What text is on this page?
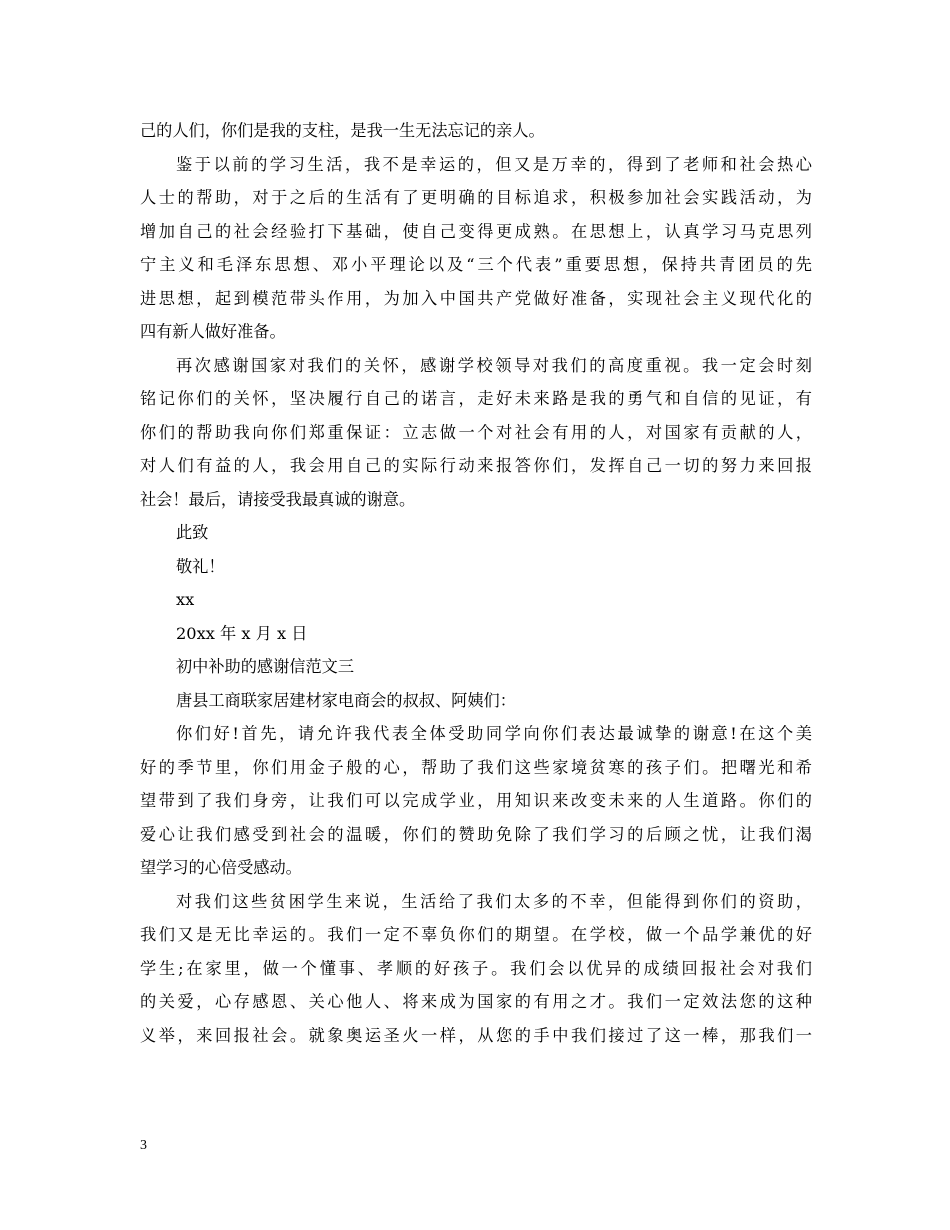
己的人们，你们是我的支柱，是我一生无法忘记的亲人。
鉴于以前的学习生活，我不是幸运的，但又是万幸的，得到了老师和社会热心
人士的帮助，对于之后的生活有了更明确的目标追求，积极参加社会实践活动，为
增加自己的社会经验打下基础，使自己变得更成熟。在思想上，认真学习马克思列
宁主义和毛泽东思想、邓小平理论以及“三个代表”重要思想，保持共青团员的先
进思想，起到模范带头作用，为加入中国共产党做好准备，实现社会主义现代化的
四有新人做好准备。
再次感谢国家对我们的关怀，感谢学校领导对我们的高度重视。我一定会时刻
铭记你们的关怀，坚决履行自己的诺言，走好未来路是我的勇气和自信的见证，有
你们的帮助我向你们郑重保证：立志做一个对社会有用的人，对国家有贡献的人，
对人们有益的人，我会用自己的实际行动来报答你们，发挥自己一切的努力来回报
社会！最后，请接受我最真诚的谢意。
此致
敬礼！
xx
20xx 年 x 月 x 日
初中补助的感谢信范文三
唐县工商联家居建材家电商会的叔叔、阿姨们：
你们好!首先，请允许我代表全体受助同学向你们表达最诚挚的谢意!在这个美
好的季节里，你们用金子般的心，帮助了我们这些家境贫寒的孩子们。把曙光和希
望带到了我们身旁，让我们可以完成学业，用知识来改变未来的人生道路。你们的
爱心让我们感受到社会的温暖，你们的赞助免除了我们学习的后顾之忧，让我们渴
望学习的心倍受感动。
对我们这些贫困学生来说，生活给了我们太多的不幸，但能得到你们的资助，
我们又是无比幸运的。我们一定不辜负你们的期望。在学校，做一个品学兼优的好
学生;在家里，做一个懂事、孝顺的好孩子。我们会以优异的成绩回报社会对我们
的关爱，心存感恩、关心他人、将来成为国家的有用之才。我们一定效法您的这种
义举，来回报社会。就象奥运圣火一样，从您的手中我们接过了这一棒，那我们一
3
